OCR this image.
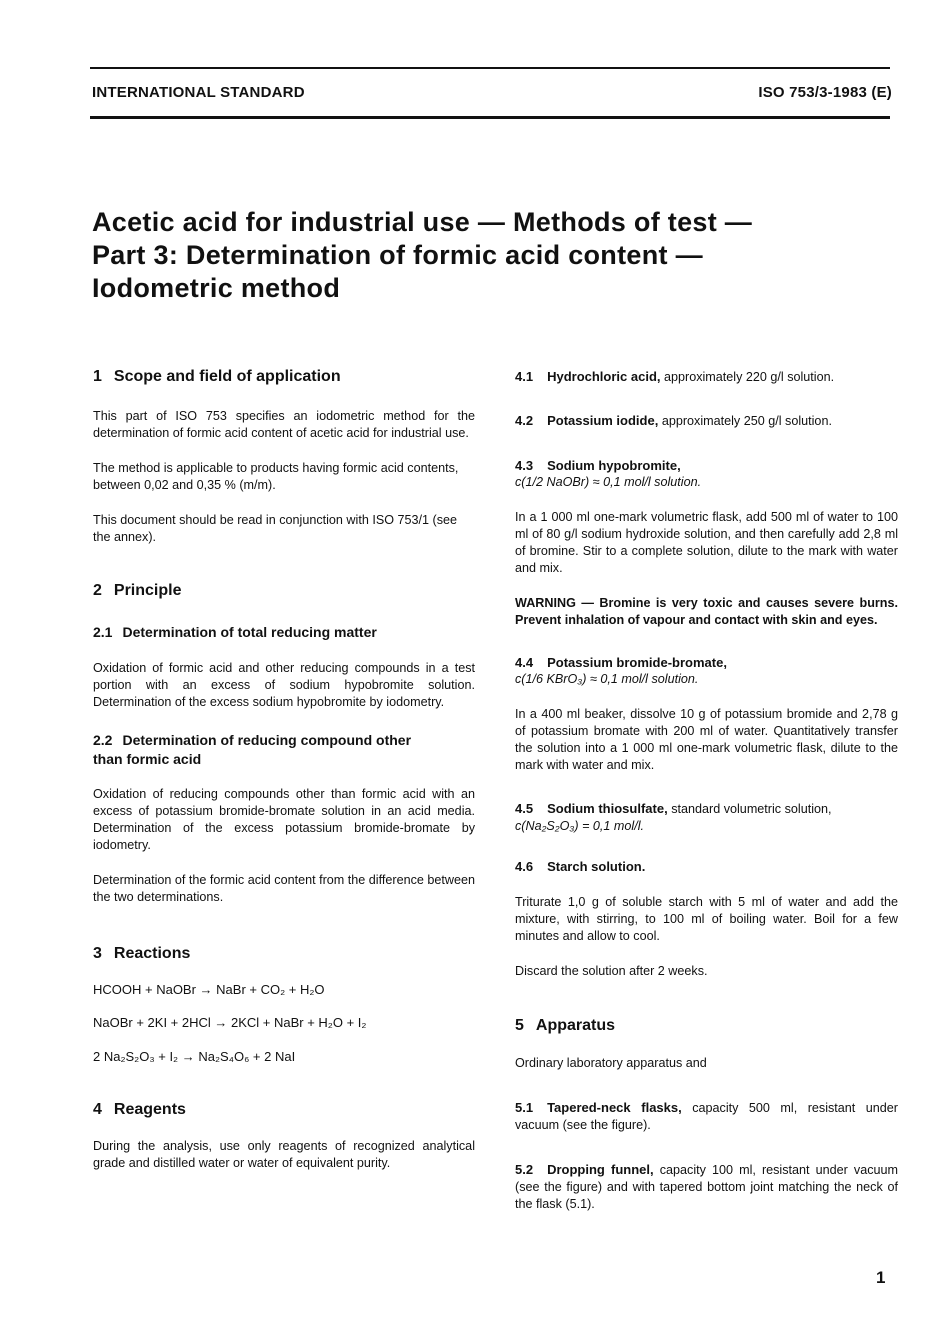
INTERNATIONAL STANDARD	ISO 753/3-1983 (E)
Acetic acid for industrial use — Methods of test —
Part 3: Determination of formic acid content —
Iodometric method
1 Scope and field of application

This part of ISO 753 specifies an iodometric method for the determination of formic acid content of acetic acid for industrial use.

The method is applicable to products having formic acid contents, between 0,02 and 0,35 % (m/m).

This document should be read in conjunction with ISO 753/1 (see the annex).

2 Principle
2.1 Determination of total reducing matter

Oxidation of formic acid and other reducing compounds in a test portion with an excess of sodium hypobromite solution. Determination of the excess sodium hypobromite by iodometry.

2.2 Determination of reducing compound other
than formic acid

Oxidation of reducing compounds other than formic acid with an excess of potassium bromide-bromate solution in an acid media. Determination of the excess potassium bromide-bromate by iodometry.

Determination of the formic acid content from the difference between the two determinations.

3 Reactions

HCOOH + NaOBr → NaBr + CO₂ + H₂O

NaOBr + 2KI + 2HCl → 2KCl + NaBr + H₂O + I₂

2 Na₂S₂O₃ + I₂ → Na₂S₄O₆ + 2 NaI

4 Reagents

During the analysis, use only reagents of recognized analytical grade and distilled water or water of equivalent purity.

4.1 Hydrochloric acid, approximately 220 g/l solution.

4.2 Potassium iodide, approximately 250 g/l solution.

4.3 Sodium hypobromite,

c(1/2 NaOBr) ≈ 0,1 mol/l solution.

In a 1 000 ml one-mark volumetric flask, add 500 ml of water to 100 ml of 80 g/l sodium hydroxide solution, and then carefully add 2,8 ml of bromine. Stir to a complete solution, dilute to the mark with water and mix.

WARNING — Bromine is very toxic and causes severe burns. Prevent inhalation of vapour and contact with skin and eyes.

4.4 Potassium bromide-bromate,

c(1/6 KBrO₃) ≈ 0,1 mol/l solution.

In a 400 ml beaker, dissolve 10 g of potassium bromide and 2,78 g of potassium bromate with 200 ml of water. Quantitatively transfer the solution into a 1 000 ml one-mark volumetric flask, dilute to the mark with water and mix.

4.5 Sodium thiosulfate, standard volumetric solution,

c(Na₂S₂O₃) = 0,1 mol/l.

4.6 Starch solution.

Triturate 1,0 g of soluble starch with 5 ml of water and add the mixture, with stirring, to 100 ml of boiling water. Boil for a few minutes and allow to cool.

Discard the solution after 2 weeks.

5 Apparatus

Ordinary laboratory apparatus and

5.1 Tapered-neck flasks, capacity 500 ml, resistant under vacuum (see the figure).

5.2 Dropping funnel, capacity 100 ml, resistant under vacuum (see the figure) and with tapered bottom joint matching the neck of the flask (5.1).

1
